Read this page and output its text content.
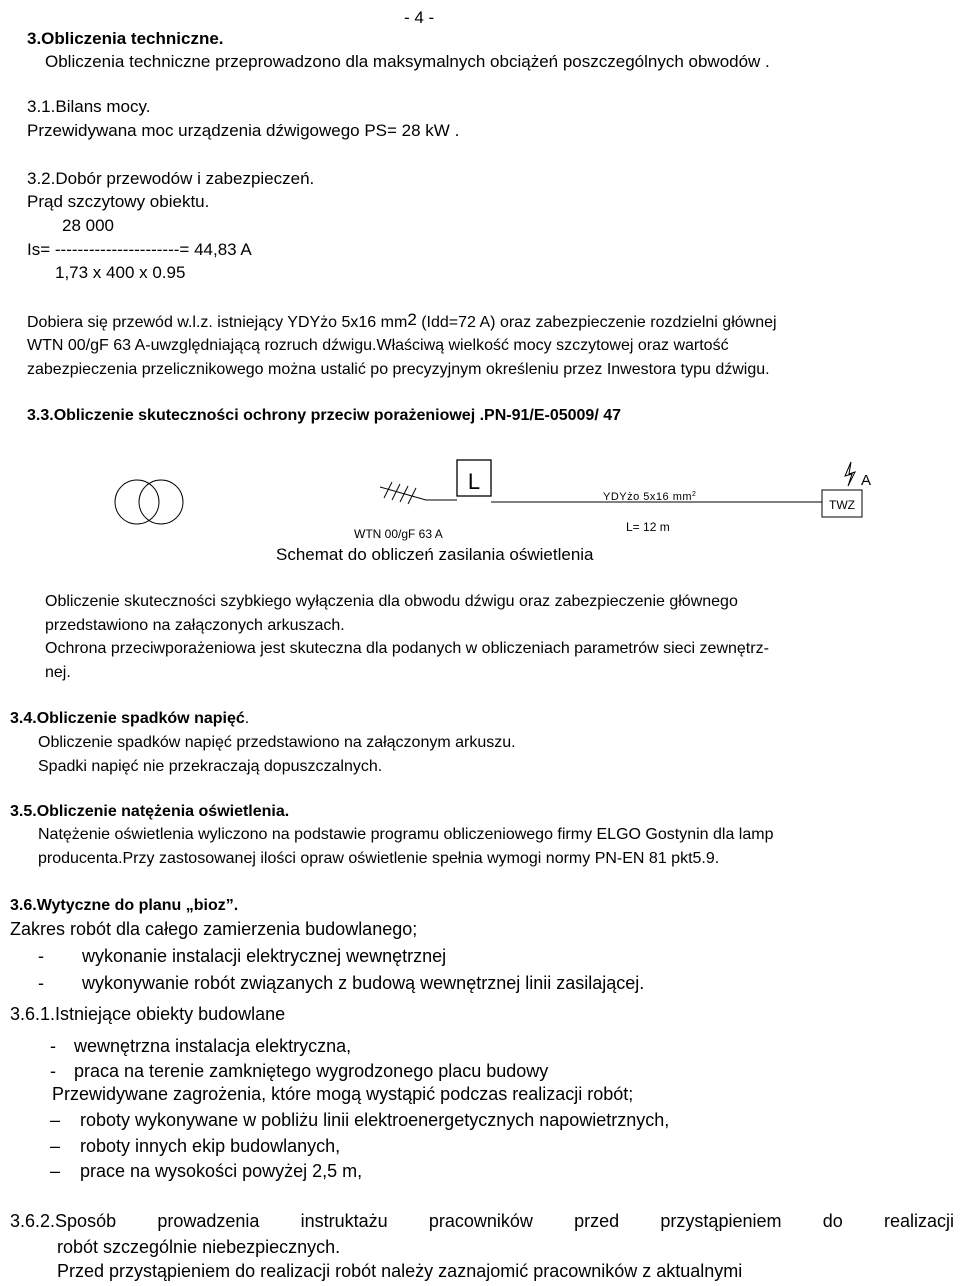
- 4 -
3.Obliczenia techniczne.
Obliczenia techniczne przeprowadzono dla maksymalnych obciążeń poszczególnych obwodów .
3.1.Bilans mocy.
Przewidywana moc urządzenia dźwigowego PS= 28 kW .
3.2.Dobór przewodów i zabezpieczeń.
Prąd szczytowy obiektu.
28 000
Is= ----------------------= 44,83 A
1,73 x 400 x 0.95
Dobiera się przewód w.l.z. istniejący YDYżo 5x16 $mm^2$ (Idd=72 A) oraz zabezpieczenie rozdzielni głównej
WTN 00/gF 63 A-uwzględniającą rozruch dźwigu.Właściwą wielkość mocy szczytowej oraz wartość
zabezpieczenia przelicznikowego można ustalić po precyzyjnym określeniu przez Inwestora typu dźwigu.
3.3.Obliczenie skuteczności ochrony przeciw porażeniowej .PN-91/E-05009/ 47
L
YDYżo 5x16 $mm^2$
L= 12 m
TWZ
A
WTN 00/gF 63 A
Schemat do obliczeń zasilania oświetlenia
Obliczenie skuteczności szybkiego wyłączenia dla obwodu dźwigu oraz zabezpieczenie głównego
przedstawiono na załączonych arkuszach.
Ochrona przeciwporażeniowa jest skuteczna dla podanych w obliczeniach parametrów sieci zewnętrz-
nej.
3.4.Obliczenie spadków napięć.
Obliczenie spadków napięć przedstawiono na załączonym arkuszu.
Spadki napięć nie przekraczają dopuszczalnych.
3.5.Obliczenie natężenia oświetlenia.
Natężenie oświetlenia wyliczono na podstawie programu obliczeniowego firmy ELGO Gostynin dla lamp
producenta.Przy zastosowanej ilości opraw oświetlenie spełnia wymogi normy PN-EN 81 pkt5.9.
3.6.Wytyczne do planu „bioz”.
Zakres robót dla całego zamierzenia budowlanego;
- wykonanie instalacji elektrycznej wewnętrznej
- wykonywanie robót związanych z budową wewnętrznej linii zasilającej.
3.6.1.Istniejące obiekty budowlane
- wewnętrzna instalacja elektryczna,
- praca na terenie zamkniętego wygrodzonego placu budowy
Przewidywane zagrożenia, które mogą wystąpić podczas realizacji robót;
– roboty wykonywane w pobliżu linii elektroenergetycznych napowietrznych,
– roboty innych ekip budowlanych,
– prace na wysokości powyżej 2,5 m,
3.6.2.Sposób prowadzenia instruktażu pracowników przed przystąpieniem do realizacji
robót szczególnie niebezpiecznych.
Przed przystąpieniem do realizacji robót należy zaznajomić pracowników z aktualnymi
